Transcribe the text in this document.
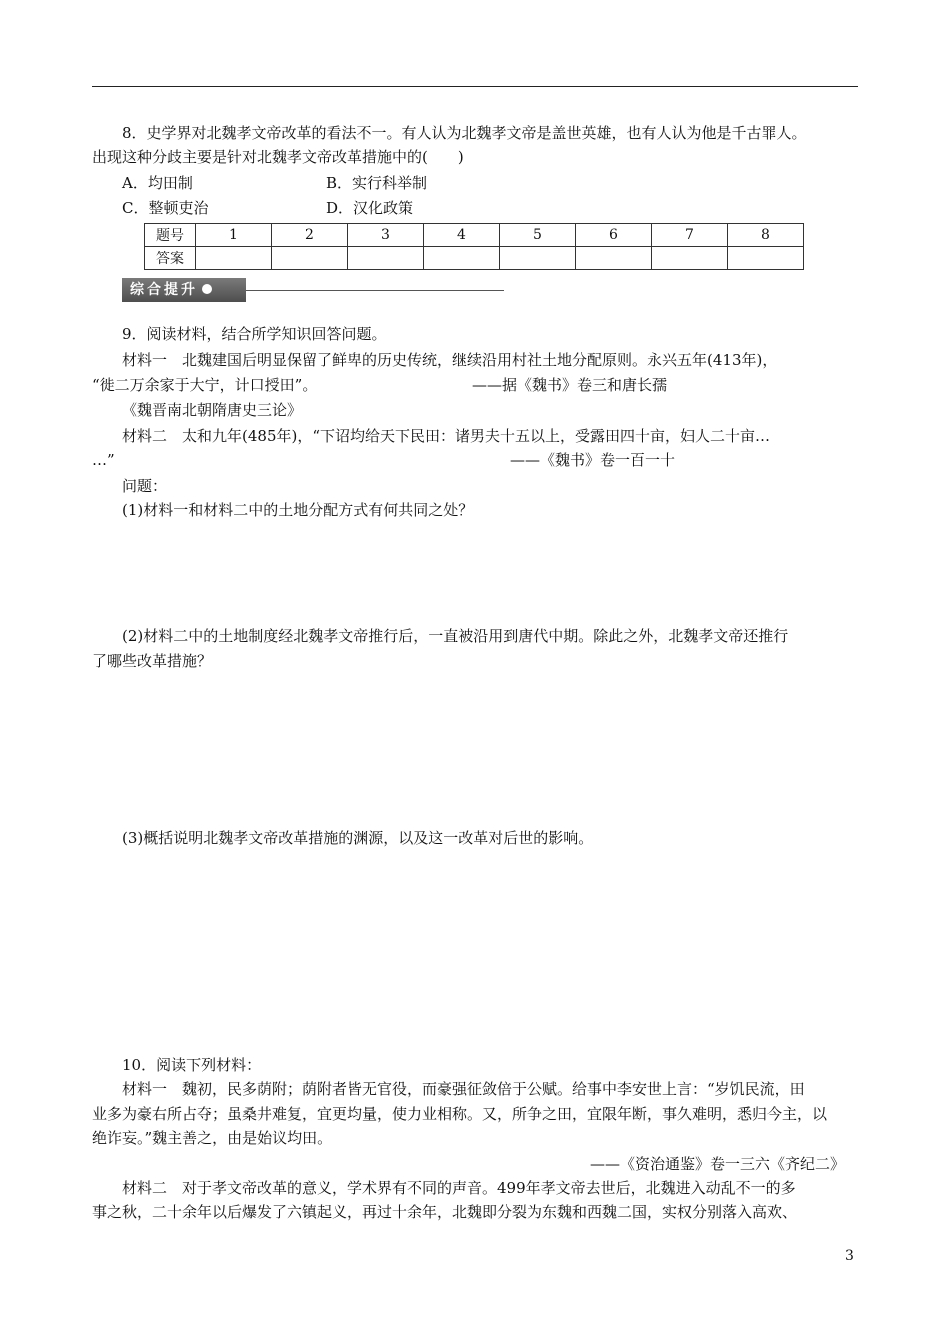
8．史学界对北魏孝文帝改革的看法不一。有人认为北魏孝文帝是盖世英雄，也有人认为他是千古罪人。
出现这种分歧主要是针对北魏孝文帝改革措施中的(　　)
A．均田制	B．实行科举制
C．整顿吏治	D．汉化政策
题号	1	2	3	4	5	6	7	8
答案								
综合提升
9．阅读材料，结合所学知识回答问题。
材料一　北魏建国后明显保留了鲜卑的历史传统，继续沿用村社土地分配原则。永兴五年(413年)，
“徙二万余家于大宁，计口授田”。	——据《魏书》卷三和唐长孺
《魏晋南北朝隋唐史三论》
材料二　太和九年(485年)，“下诏均给天下民田：诸男夫十五以上，受露田四十亩，妇人二十亩…
…”	——《魏书》卷一百一十
问题：
(1)材料一和材料二中的土地分配方式有何共同之处？
(2)材料二中的土地制度经北魏孝文帝推行后，一直被沿用到唐代中期。除此之外，北魏孝文帝还推行
了哪些改革措施？
(3)概括说明北魏孝文帝改革措施的渊源，以及这一改革对后世的影响。
10．阅读下列材料：
材料一　魏初，民多荫附；荫附者皆无官役，而豪强征敛倍于公赋。给事中李安世上言：“岁饥民流，田
业多为豪右所占夺；虽桑井难复，宜更均量，使力业相称。又，所争之田，宜限年断，事久难明，悉归今主，以
绝诈妄。”魏主善之，由是始议均田。
——《资治通鉴》卷一三六《齐纪二》
材料二　对于孝文帝改革的意义，学术界有不同的声音。499年孝文帝去世后，北魏进入动乱不一的多
事之秋，二十余年以后爆发了六镇起义，再过十余年，北魏即分裂为东魏和西魏二国，实权分别落入高欢、
3
